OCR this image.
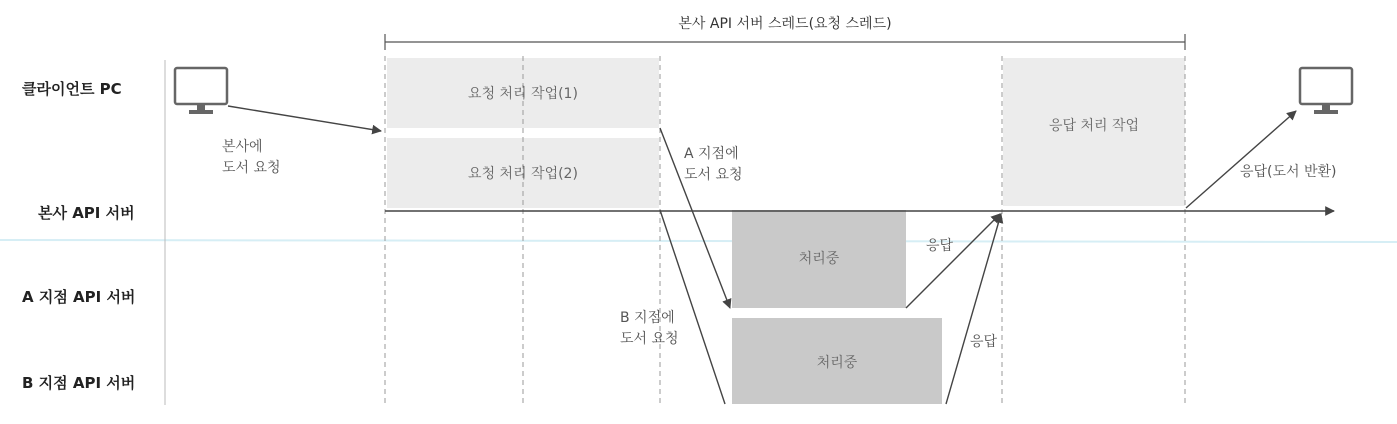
본사 API 서버 스레드(요청 스레드)
클라이언트 PC
본사 API 서버
A 지점 API 서버
B 지점 API 서버
요청 처리 작업(1)
요청 처리 작업(2)
응답 처리 작업
처리중
처리중
본사에
도서 요청
A 지점에
도서 요청
B 지점에
도서 요청
응답
응답
응답(도서 반환)
